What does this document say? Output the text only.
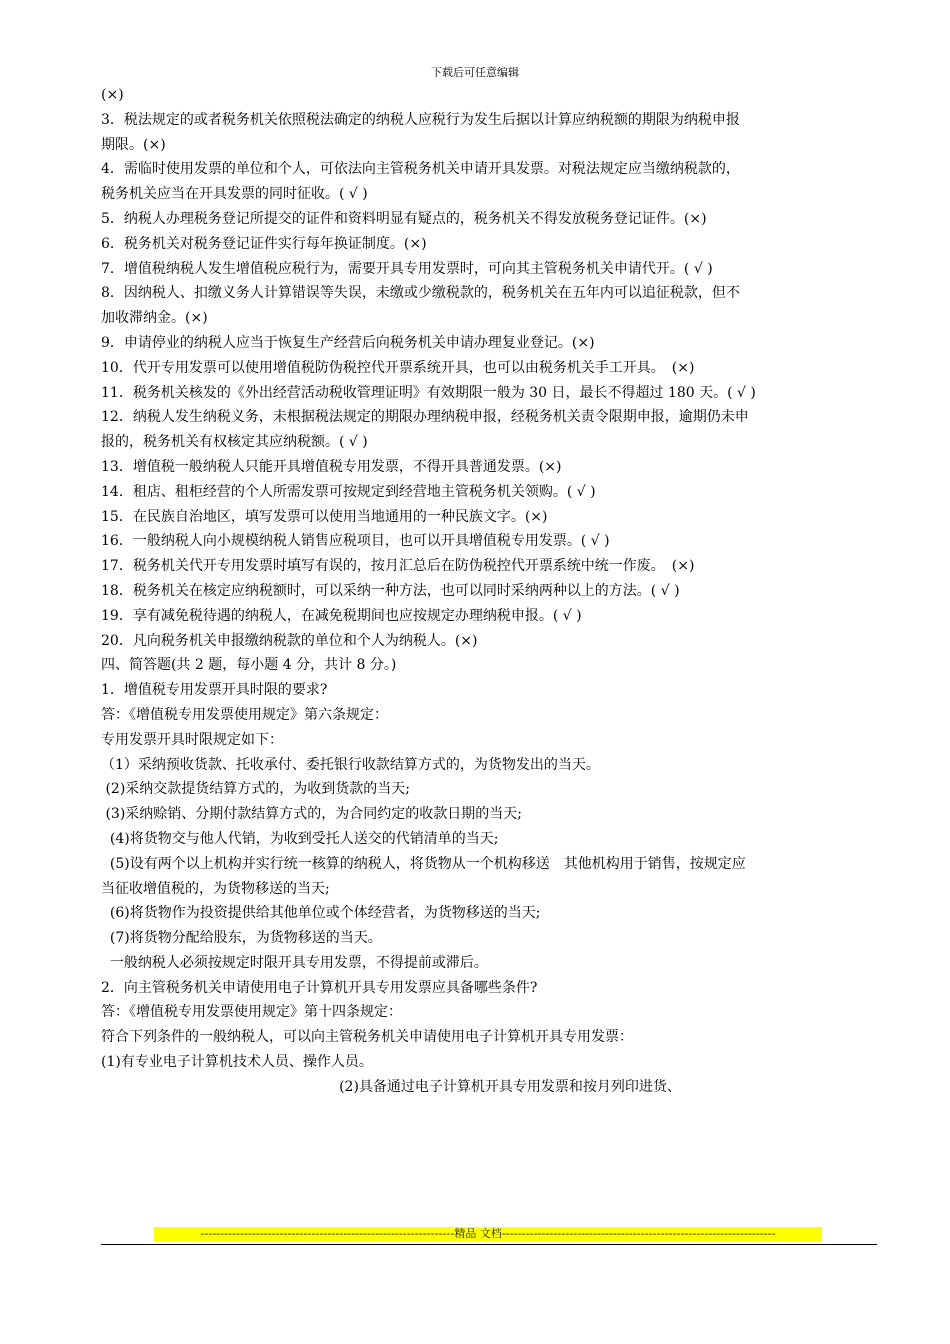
下载后可任意编辑
(×)
3．税法规定的或者税务机关依照税法确定的纳税人应税行为发生后据以计算应纳税额的期限为纳税申报
期限。(×)
4．需临时使用发票的单位和个人，可依法向主管税务机关申请开具发票。对税法规定应当缴纳税款的，
税务机关应当在开具发票的同时征收。( √ )
5．纳税人办理税务登记所提交的证件和资料明显有疑点的，税务机关不得发放税务登记证件。(×)
6．税务机关对税务登记证件实行每年换证制度。(×)
7．增值税纳税人发生增值税应税行为，需要开具专用发票时，可向其主管税务机关申请代开。( √ )
8．因纳税人、扣缴义务人计算错误等失误，未缴或少缴税款的，税务机关在五年内可以追征税款，但不
加收滞纳金。(×)
9．申请停业的纳税人应当于恢复生产经营后向税务机关申请办理复业登记。(×)
10．代开专用发票可以使用增值税防伪税控代开票系统开具，也可以由税务机关手工开具。　(×)
11．税务机关核发的《外出经营活动税收管理证明》有效期限一般为 30 日，最长不得超过 180 天。( √ )
12．纳税人发生纳税义务，未根据税法规定的期限办理纳税申报，经税务机关责令限期申报，逾期仍未申
报的，税务机关有权核定其应纳税额。( √ )
13．增值税一般纳税人只能开具增值税专用发票，不得开具普通发票。(×)
14．租店、租柜经营的个人所需发票可按规定到经营地主管税务机关领购。( √ )
15．在民族自治地区，填写发票可以使用当地通用的一种民族文字。(×)
16．一般纳税人向小规模纳税人销售应税项目，也可以开具增值税专用发票。( √ )
17．税务机关代开专用发票时填写有误的，按月汇总后在防伪税控代开票系统中统一作废。　(×)
18．税务机关在核定应纳税额时，可以采纳一种方法，也可以同时采纳两种以上的方法。( √ )
19．享有减免税待遇的纳税人，在减免税期间也应按规定办理纳税申报。( √ )
20．凡向税务机关申报缴纳税款的单位和个人为纳税人。(×)
四、简答题(共 2 题，每小题 4 分，共计 8 分。)
1．增值税专用发票开具时限的要求?
答：《增值税专用发票使用规定》第六条规定：
专用发票开具时限规定如下：
（1）采纳预收货款、托收承付、委托银行收款结算方式的，为货物发出的当天。
(2)采纳交款提货结算方式的，为收到货款的当天;
(3)采纳赊销、分期付款结算方式的，为合同约定的收款日期的当天;
(4)将货物交与他人代销，为收到受托人送交的代销清单的当天;
(5)设有两个以上机构并实行统一核算的纳税人，将货物从一个机构移送　其他机构用于销售，按规定应
当征收增值税的，为货物移送的当天;
(6)将货物作为投资提供给其他单位或个体经营者，为货物移送的当天;
(7)将货物分配给股东，为货物移送的当天。
一般纳税人必须按规定时限开具专用发票，不得提前或滞后。
2．向主管税务机关申请使用电子计算机开具专用发票应具备哪些条件?
答：《增值税专用发票使用规定》第十四条规定：
符合下列条件的一般纳税人，可以向主管税务机关申请使用电子计算机开具专用发票：
(1)有专业电子计算机技术人员、操作人员。
(2)具备通过电子计算机开具专用发票和按月列印进货、
----------------------------------------------------------------精品 文档---------------------------------------------------------------------
